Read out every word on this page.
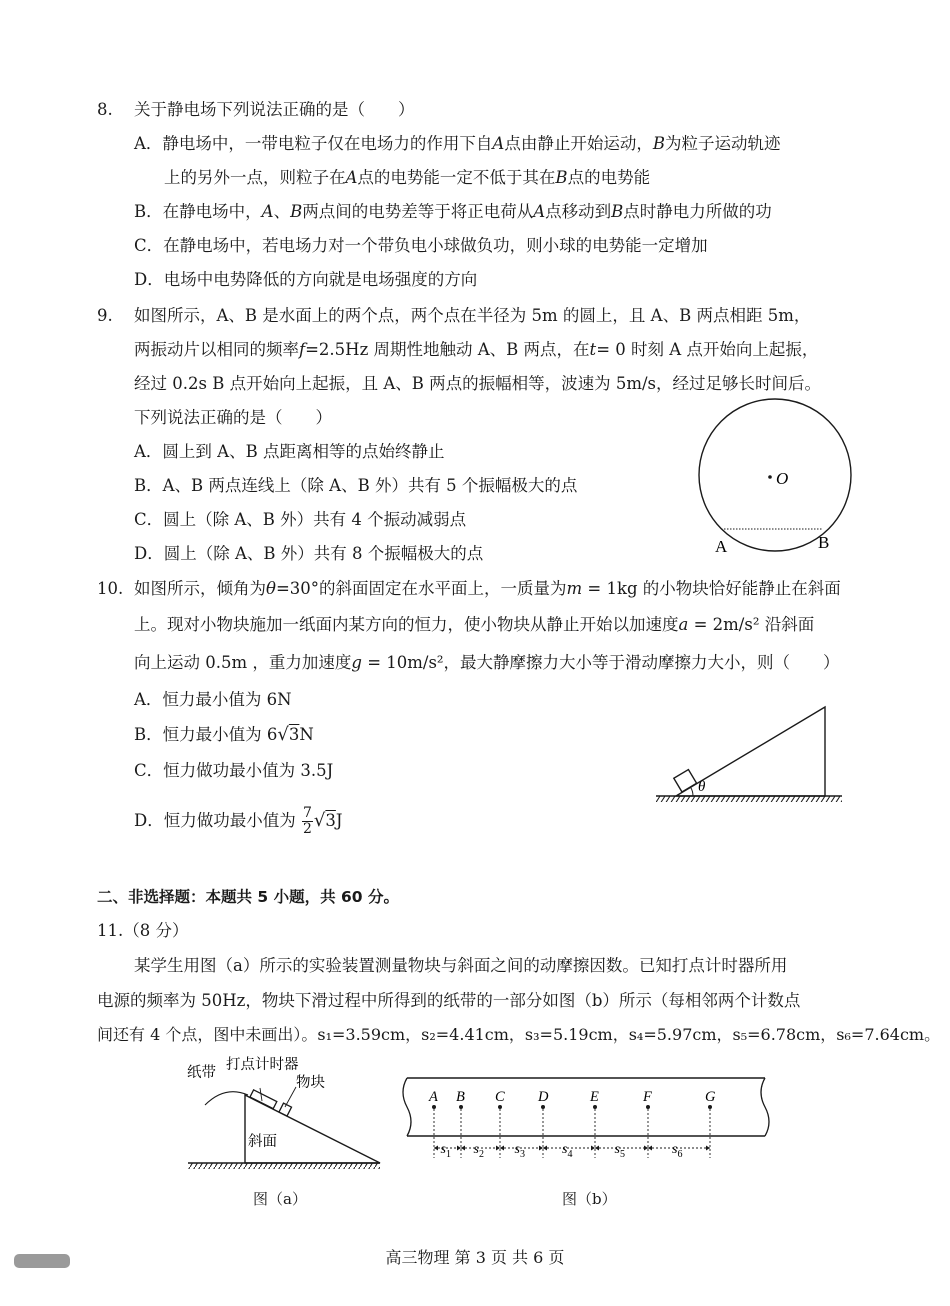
8. 关于静电场下列说法正确的是（　　）
A．静电场中，一带电粒子仅在电场力的作用下自A点由静止开始运动，B为粒子运动轨迹
上的另外一点，则粒子在A点的电势能一定不低于其在B点的电势能
B．在静电场中，A、B两点间的电势差等于将正电荷从A点移动到B点时静电力所做的功
C．在静电场中，若电场力对一个带负电小球做负功，则小球的电势能一定增加
D．电场中电势降低的方向就是电场强度的方向
9. 如图所示，A、B 是水面上的两个点，两个点在半径为 5m 的圆上，且 A、B 两点相距 5m，
两振动片以相同的频率f=2.5Hz 周期性地触动 A、B 两点，在t= 0 时刻 A 点开始向上起振，
经过 0.2s B 点开始向上起振，且 A、B 两点的振幅相等，波速为 5m/s，经过足够长时间后。
下列说法正确的是（　　）
A．圆上到 A、B 点距离相等的点始终静止
B．A、B 两点连线上（除 A、B 外）共有 5 个振幅极大的点
C．圆上（除 A、B 外）共有 4 个振动减弱点
D．圆上（除 A、B 外）共有 8 个振幅极大的点
O
A	B
10. 如图所示，倾角为θ=30°的斜面固定在水平面上，一质量为m = 1kg 的小物块恰好能静止在斜面
上。现对小物块施加一纸面内某方向的恒力，使小物块从静止开始以加速度a = 2m/s² 沿斜面
向上运动 0.5m ，重力加速度g = 10m/s²，最大静摩擦力大小等于滑动摩擦力大小，则（　　）
A．恒力最小值为 6N
B．恒力最小值为 6√3N
C．恒力做功最小值为 3.5J
D．恒力做功最小值为 $\frac{7}{2} √3J$
θ
二、非选择题：本题共 5 小题，共 60 分。
11.（8 分）
某学生用图（a）所示的实验装置测量物块与斜面之间的动摩擦因数。已知打点计时器所用
电源的频率为 50Hz，物块下滑过程中所得到的纸带的一部分如图（b）所示（每相邻两个计数点
间还有 4 个点，图中未画出）。s₁=3.59cm，s₂=4.41cm，s₃=5.19cm，s₄=5.97cm，s₅=6.78cm，s₆=7.64cm。
纸带 打点计时器
物块
斜面
图（a）
A B C D	E	F	G
$s_1$ $s_2$ $s_3$	$s_4$	$s_5$	$s_6$
图（b）
高三物理 第 3 页 共 6 页
